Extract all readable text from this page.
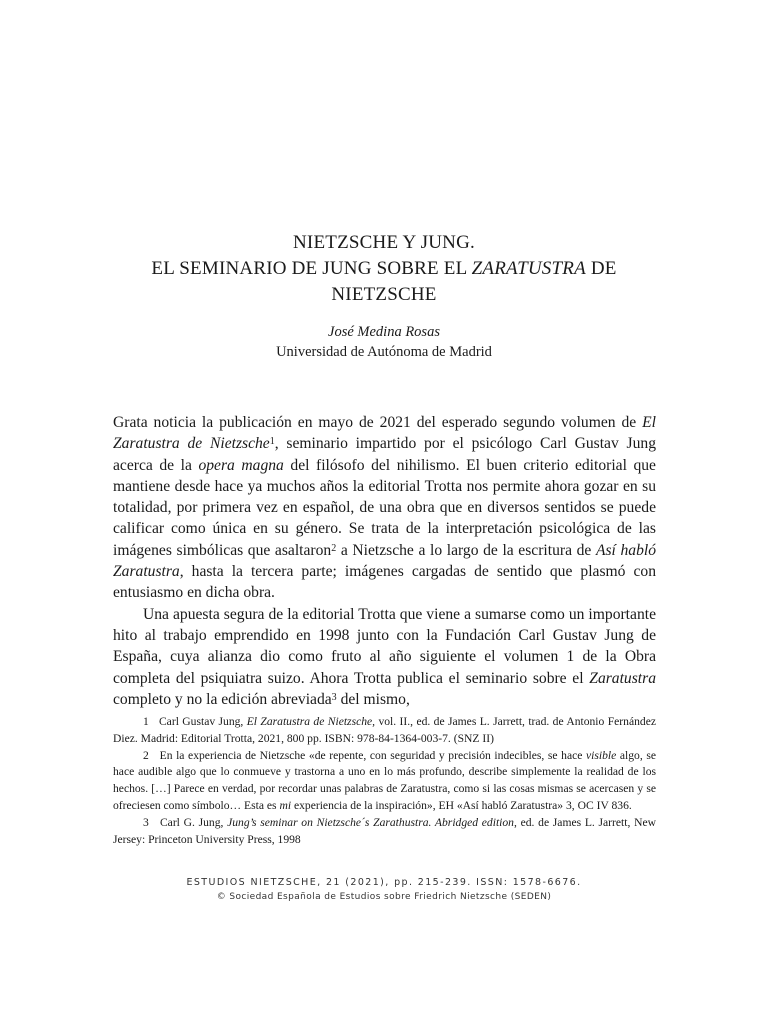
NIETZSCHE Y JUNG.
EL SEMINARIO DE JUNG SOBRE EL ZARATUSTRA DE
NIETZSCHE
José Medina Rosas
Universidad de Autónoma de Madrid

Grata noticia la publicación en mayo de 2021 del esperado segundo volumen de El Zaratustra de Nietzsche$^1$, seminario impartido por el psicólogo Carl Gustav Jung acerca de la opera magna del filósofo del nihilismo. El buen criterio editorial que mantiene desde hace ya muchos años la editorial Trotta nos permite ahora gozar en su totalidad, por primera vez en español, de una obra que en diversos sentidos se puede calificar como única en su género. Se trata de la interpretación psicológica de las imágenes simbólicas que asaltaron$^2$ a Nietzsche a lo largo de la escritura de Así habló Zaratustra, hasta la tercera parte; imágenes cargadas de sentido que plasmó con entusiasmo en dicha obra.

Una apuesta segura de la editorial Trotta que viene a sumarse como un importante hito al trabajo emprendido en 1998 junto con la Fundación Carl Gustav Jung de España, cuya alianza dio como fruto al año siguiente el volumen 1 de la Obra completa del psiquiatra suizo. Ahora Trotta publica el seminario sobre el Zaratustra completo y no la edición abreviada$^3$ del mismo,

1 Carl Gustav Jung, El Zaratustra de Nietzsche, vol. II., ed. de James L. Jarrett, trad. de Antonio Fernández Diez. Madrid: Editorial Trotta, 2021, 800 pp. ISBN: 978-84-1364-003-7. (SNZ II)

2 En la experiencia de Nietzsche «de repente, con seguridad y precisión indecibles, se hace visible algo, se hace audible algo que lo conmueve y trastorna a uno en lo más profundo, describe simplemente la realidad de los hechos. […] Parece en verdad, por recordar unas palabras de Zaratustra, como si las cosas mismas se acercasen y se ofreciesen como símbolo… Esta es mi experiencia de la inspiración», EH «Así habló Zaratustra» 3, OC IV 836.

3 Carl G. Jung, Jung’s seminar on Nietzsche´s Zarathustra. Abridged edition, ed. de James L. Jarrett, New Jersey: Princeton University Press, 1998

ESTUDIOS NIETZSCHE, 21 (2021), pp. 215-239. ISSN: 1578-6676.
© Sociedad Española de Estudios sobre Friedrich Nietzsche (SEDEN)
